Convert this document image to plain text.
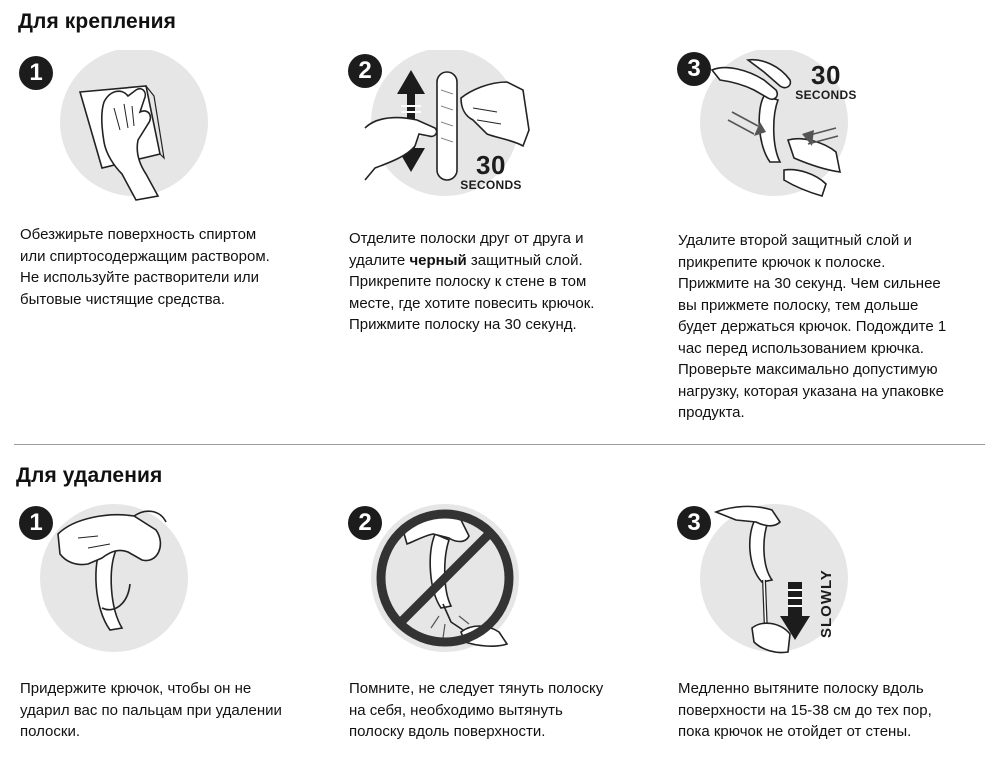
Для крепления
1

Обезжирьте поверхность спиртом
или спиртосодержащим раствором.
Не используйте растворители или
бытовые чистящие средства.

2
30
SECONDS

Отделите полоски друг от друга и
удалите черный защитный слой.
Прикрепите полоску к стене в том
месте, где хотите повесить крючок.
Прижмите полоску на 30 секунд.

3	30
SECONDS

Удалите второй защитный слой и
прикрепите крючок к полоске.
Прижмите на 30 секунд. Чем сильнее
вы прижмете полоску, тем дольше
будет держаться крючок. Подождите 1
час перед использованием крючка.
Проверьте максимально допустимую
нагрузку, которая указана на упаковке
продукта.

Для удаления
1

Придержите крючок, чтобы он не
ударил вас по пальцам при удалении
полоски.

2

Помните, не следует тянуть полоску
на себя, необходимо вытянуть
полоску вдоль поверхности.

3
SLOWLY

Медленно вытяните полоску вдоль
поверхности на 15-38 см до тех пор,
пока крючок не отойдет от стены.
